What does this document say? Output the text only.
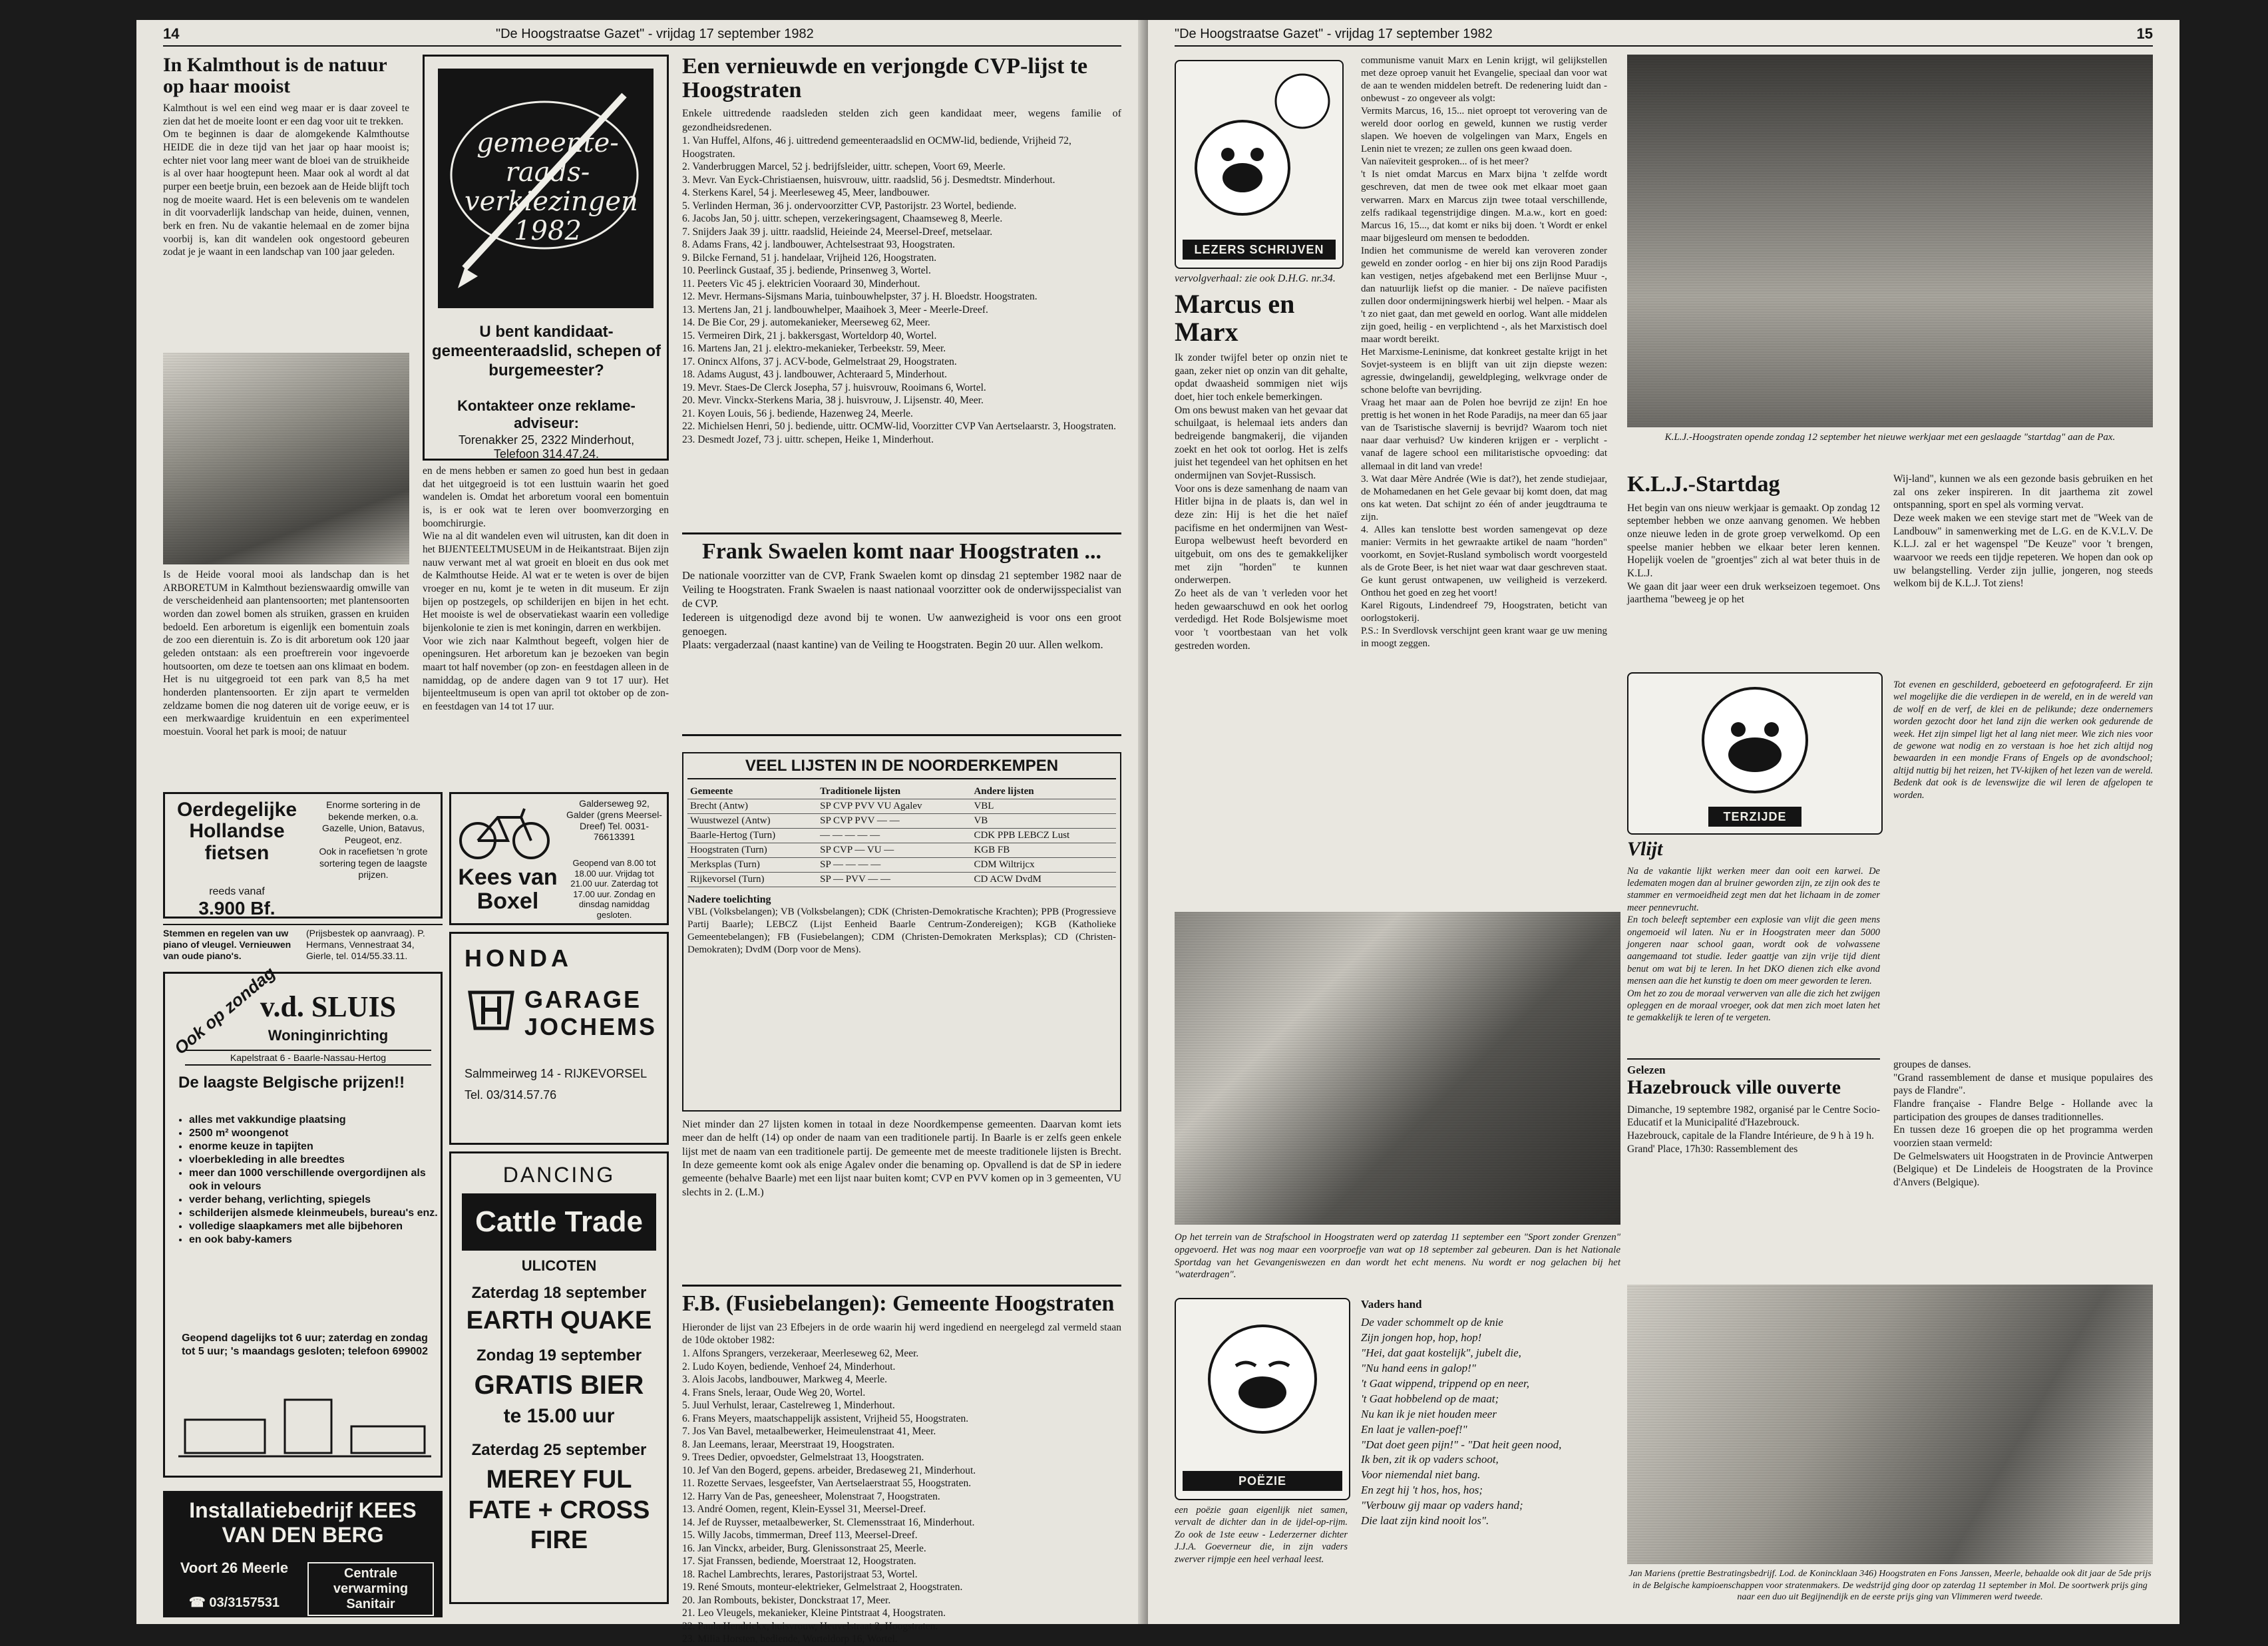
14	"De Hoogstraatse Gazet" - vrijdag 17 september 1982
In Kalmthout is de natuur op haar mooist
Kalmthout is wel een eind weg maar er is daar zoveel te zien dat het de moeite loont er een dag voor uit te trekken.
Om te beginnen is daar de alomgekende Kalmthoutse HEIDE die in deze tijd van het jaar op haar mooist is; echter niet voor lang meer want de bloei van de struikheide is al over haar hoogtepunt heen. Maar ook al wordt al dat purper een beetje bruin, een bezoek aan de Heide blijft toch nog de moeite waard. Het is een belevenis om te wandelen in dit voorvaderlijk landschap van heide, duinen, vennen, berk en fren. Nu de vakantie helemaal en de zomer bijna voorbij is, kan dit wandelen ook ongestoord gebeuren zodat je je waant in een landschap van 100 jaar geleden.
Is de Heide vooral mooi als landschap dan is het ARBORETUM in Kalmthout bezienswaardig omwille van de verscheidenheid aan plantensoorten; met plantensoorten worden dan zowel bomen als struiken, grassen en kruiden bedoeld. Een arboretum is eigenlijk een bomentuin zoals de zoo een dierentuin is. Zo is dit arboretum ook 120 jaar geleden ontstaan: als een proeftrerein voor ingevoerde houtsoorten, om deze te toetsen aan ons klimaat en bodem. Het is nu uitgegroeid tot een park van 8,5 ha met honderden plantensoorten. Er zijn apart te vermelden zeldzame bomen die nog dateren uit de vorige eeuw, er is een merkwaardige kruidentuin en een experimenteel moestuin. Vooral het park is mooi; de natuur
gemeente-raads-verkiezingen 1982
U bent kandidaat-gemeenteraadslid, schepen of burgemeester?
Kontakteer onze reklame-adviseur:
Torenakker 25, 2322 Minderhout, Telefoon 314.47.24.
en de mens hebben er samen zo goed hun best in gedaan dat het uitgegroeid is tot een lusttuin waarin het goed wandelen is. Omdat het arboretum vooral een bomentuin is, is er ook wat te leren over boomverzorging en boomchirurgie.
Wie na al dit wandelen even wil uitrusten, kan dit doen in het BIJENTEELTMUSEUM in de Heikantstraat. Bijen zijn nauw verwant met al wat groeit en bloeit en dus ook met de Kalmthoutse Heide. Al wat er te weten is over de bijen vroeger en nu, komt je te weten in dit museum. Er zijn bijen op postzegels, op schilderijen en bijen in het echt. Het mooiste is wel de observatiekast waarin een volledige bijenkolonie te zien is met koningin, darren en werkbijen.
Voor wie zich naar Kalmthout begeeft, volgen hier de openingsuren. Het arboretum kan je bezoeken van begin maart tot half november (op zon- en feestdagen alleen in de namiddag, op de andere dagen van 9 tot 17 uur). Het bijenteeltmuseum is open van april tot oktober op de zon- en feestdagen van 14 tot 17 uur.
Een vernieuwde en verjongde CVP-lijst te Hoogstraten
Enkele uittredende raadsleden stelden zich geen kandidaat meer, wegens familie of gezondheidsredenen.
1. Van Huffel, Alfons, 46 j. uittredend gemeenteraadslid en OCMW-lid, bediende, Vrijheid 72, Hoogstraten.
2. Vanderbruggen Marcel, 52 j. bedrijfsleider, uittr. schepen, Voort 69, Meerle.
3. Mevr. Van Eyck-Christiaensen, huisvrouw, uittr. raadslid, 56 j. Desmedtstr. Minderhout.
4. Sterkens Karel, 54 j. Meerleseweg 45, Meer, landbouwer.
5. Verlinden Herman, 36 j. ondervoorzitter CVP, Pastorijstr. 23 Wortel, bediende.
6. Jacobs Jan, 50 j. uittr. schepen, verzekeringsagent, Chaamseweg 8, Meerle.
7. Snijders Jaak 39 j. uittr. raadslid, Heieinde 24, Meersel-Dreef, metselaar.
8. Adams Frans, 42 j. landbouwer, Achtelsestraat 93, Hoogstraten.
9. Bilcke Fernand, 51 j. handelaar, Vrijheid 126, Hoogstraten.
10. Peerlinck Gustaaf, 35 j. bediende, Prinsenweg 3, Wortel.
11. Peeters Vic 45 j. elektricien Vooraard 30, Minderhout.
12. Mevr. Hermans-Sijsmans Maria, tuinbouwhelpster, 37 j. H. Bloedstr. Hoogstraten.
13. Mertens Jan, 21 j. landbouwhelper, Maaihoek 3, Meer - Meerle-Dreef.
14. De Bie Cor, 29 j. automekanieker, Meerseweg 62, Meer.
15. Vermeiren Dirk, 21 j. bakkersgast, Worteldorp 40, Wortel.
16. Martens Jan, 21 j. elektro-mekanieker, Terbeekstr. 59, Meer.
17. Onincx Alfons, 37 j. ACV-bode, Gelmelstraat 29, Hoogstraten.
18. Adams August, 43 j. landbouwer, Achteraard 5, Minderhout.
19. Mevr. Staes-De Clerck Josepha, 57 j. huisvrouw, Rooimans 6, Wortel.
20. Mevr. Vinckx-Sterkens Maria, 38 j. huisvrouw, J. Lijsenstr. 40, Meer.
21. Koyen Louis, 56 j. bediende, Hazenweg 24, Meerle.
22. Michielsen Henri, 50 j. bediende, uittr. OCMW-lid, Voorzitter CVP Van Aertselaarstr. 3, Hoogstraten.
23. Desmedt Jozef, 73 j. uittr. schepen, Heike 1, Minderhout.
Frank Swaelen komt naar Hoogstraten ...
De nationale voorzitter van de CVP, Frank Swaelen komt op dinsdag 21 september 1982 naar de Veiling te Hoogstraten. Frank Swaelen is naast nationaal voorzitter ook de onderwijsspecialist van de CVP.
Iedereen is uitgenodigd deze avond bij te wonen. Uw aanwezigheid is voor ons een groot genoegen.
Plaats: vergaderzaal (naast kantine) van de Veiling te Hoogstraten. Begin 20 uur. Allen welkom.
VEEL LIJSTEN IN DE NOORDERKEMPEN
Gemeente	Traditionele lijsten	Andere lijsten
Brecht (Antw)	SP CVP PVV VU Agalev	VBL
Wuustwezel (Antw)	SP CVP PVV — —	VB
Baarle-Hertog (Turn)	— — — — —	CDK PPB LEBCZ Lust
Hoogstraten (Turn)	SP CVP — VU —	KGB FB
Merksplas (Turn)	SP — — — —	CDM Wiltrijcx
Rijkevorsel (Turn)	SP — PVV — —	CD ACW DvdM
Nadere toelichting
VBL (Volksbelangen); VB (Volksbelangen); CDK (Christen-Demokratische Krachten); PPB (Progressieve Partij Baarle); LEBCZ (Lijst Eenheid Baarle Centrum-Zondereigen); KGB (Katholieke Gemeentebelangen); FB (Fusiebelangen); CDM (Christen-Demokraten Merksplas); CD (Christen-Demokraten); DvdM (Dorp voor de Mens).
Niet minder dan 27 lijsten komen in totaal in deze Noordkempense gemeenten. Daarvan komt iets meer dan de helft (14) op onder de naam van een traditionele partij. In Baarle is er zelfs geen enkele lijst met de naam van een traditionele partij. De gemeente met de meeste traditionele lijsten is Brecht. In deze gemeente komt ook als enige Agalev onder die benaming op. Opvallend is dat de SP in iedere gemeente (behalve Baarle) met een lijst naar buiten komt; CVP en PVV komen op in 3 gemeenten, VU slechts in 2. (L.M.)
F.B. (Fusiebelangen): Gemeente Hoogstraten
Hieronder de lijst van 23 Efbejers in de orde waarin hij werd ingediend en neergelegd zal vermeld staan de 10de oktober 1982:
1. Alfons Sprangers, verzekeraar, Meerleseweg 62, Meer.
2. Ludo Koyen, bediende, Venhoef 24, Minderhout.
3. Alois Jacobs, landbouwer, Markweg 4, Meerle.
4. Frans Snels, leraar, Oude Weg 20, Wortel.
5. Juul Verhulst, leraar, Castelreweg 1, Minderhout.
6. Frans Meyers, maatschappelijk assistent, Vrijheid 55, Hoogstraten.
7. Jos Van Bavel, metaalbewerker, Heimeulenstraat 41, Meer.
8. Jan Leemans, leraar, Meerstraat 19, Hoogstraten.
9. Trees Dedier, opvoedster, Gelmelstraat 13, Hoogstraten.
10. Jef Van den Bogerd, gepens. arbeider, Bredaseweg 21, Minderhout.
11. Rozette Servaes, lesgeefster, Van Aertselaerstraat 55, Hoogstraten.
12. Harry Van de Pas, geneesheer, Molenstraat 7, Hoogstraten.
13. André Oomen, regent, Klein-Eyssel 31, Meersel-Dreef.
14. Jef de Ruysser, metaalbewerker, St. Clemensstraat 16, Minderhout.
15. Willy Jacobs, timmerman, Dreef 113, Meersel-Dreef.
16. Jan Vinckx, arbeider, Burg. Glenissonstraat 25, Meerle.
17. Sjat Franssen, bediende, Moerstraat 12, Hoogstraten.
18. Rachel Lambrechts, lerares, Pastorijstraat 53, Wortel.
19. René Smouts, monteur-elektrieker, Gelmelstraat 2, Hoogstraten.
20. Jan Rombouts, bekister, Donckstraat 17, Meer.
21. Leo Vleugels, mekanieker, Kleine Pintstraat 4, Hoogstraten.
22. Paula Hendrickx, huisvrouw, Heuvelstraat 2, Hoogstraten.
23. Milia Horsten, bediende, Worteldorp 16, Wortel.
Oerdegelijke Hollandse fietsen
reeds vanaf
3.900 Bf.
Enorme sortering in de bekende merken, o.a. Gazelle, Union, Batavus, Peugeot, enz.
Ook in racefietsen 'n grote sortering tegen de laagste prijzen.	Kees van Boxel
Galderseweg 92, Galder (grens Meersel-Dreef) Tel. 0031-76613391
Geopend van 8.00 tot 18.00 uur. Vrijdag tot 21.00 uur. Zaterdag tot 17.00 uur. Zondag en dinsdag namiddag gesloten.
Stemmen en regelen van uw piano of vleugel. Vernieuwen van oude piano's.
(Prijsbestek op aanvraag). P. Hermans, Vennestraat 34, Gierle, tel. 014/55.33.11.
Ook op zondag
v.d. SLUIS
Woninginrichting
Kapelstraat 6 - Baarle-Nassau-Hertog
De laagste Belgische prijzen!!
• alles met vakkundige plaatsing
• 2500 m² woongenot
• enorme keuze in tapijten
• vloerbekleding in alle breedtes
• meer dan 1000 verschillende overgordijnen als ook in velours
• verder behang, verlichting, spiegels
• schilderijen alsmede kleinmeubels, bureau's enz.
• volledige slaapkamers met alle bijbehoren
• en ook baby-kamers
Geopend dagelijks tot 6 uur; zaterdag en zondag tot 5 uur; 's maandags gesloten; telefoon 699002
HONDA
GARAGE JOCHEMS
Salmmeirweg 14 - RIJKEVORSEL
Tel. 03/314.57.76
DANCING
Cattle Trade
ULICOTEN
Zaterdag 18 september
EARTH QUAKE
Zondag 19 september
GRATIS BIER
te 15.00 uur
Zaterdag 25 september
MEREY FUL FATE + CROSS FIRE
Installatiebedrijf KEES VAN DEN BERG
Voort 26 Meerle
☎ 03/3157531
Centrale verwarming Sanitair
15
"De Hoogstraatse Gazet" - vrijdag 17 september 1982
LEZERS SCHRIJVEN
vervolgverhaal: zie ook D.H.G. nr.34.
Marcus en Marx
Ik zonder twijfel beter op onzin niet te gaan, zeker niet op onzin van dit gehalte, opdat dwaasheid sommigen niet wijs doet, hier toch enkele bemerkingen.
Om ons bewust maken van het gevaar dat schuilgaat, is helemaal iets anders dan bedreigende bangmakerij, die vijanden zoekt en het ook tot oorlog. Het is zelfs juist het tegendeel van het ophitsen en het ondermijnen van Sovjet-Russisch.
Voor ons is deze samenhang de naam van Hitler bijna in de plaats is, dan wel in deze zin: Hij is het die het naïef pacifisme en het ondermijnen van West-Europa welbewust heeft bevorderd en uitgebuit, om ons des te gemakkelijker met zijn "horden" te kunnen onderwerpen.
Zo heet als de van 't verleden voor het heden gewaarschuwd en ook het oorlog verdedigd. Het Rode Bolsjewisme moet voor 't voortbestaan van het volk gestreden worden.
communisme vanuit Marx en Lenin krijgt, wil gelijkstellen met deze oproep vanuit het Evangelie, speciaal dan voor wat de aan te wenden middelen betreft. De redenering luidt dan - onbewust - zo ongeveer als volgt:
Vermits Marcus, 16, 15... niet oproept tot verovering van de wereld door oorlog en geweld, kunnen we rustig verder slapen. We hoeven de volgelingen van Marx, Engels en Lenin niet te vrezen; ze zullen ons geen kwaad doen.
Van naïeviteit gesproken... of is het meer?
't Is niet omdat Marcus en Marx bijna 't zelfde wordt geschreven, dat men de twee ook met elkaar moet gaan verwarren. Marx en Marcus zijn twee totaal verschillende, zelfs radikaal tegenstrijdige dingen. M.a.w., kort en goed: Marcus 16, 15..., dat komt er niks bij doen. 't Wordt er enkel maar bijgesleurd om mensen te bedodden.
Indien het communisme de wereld kan veroveren zonder geweld en zonder oorlog - en hier bij ons zijn Rood Paradijs kan vestigen, netjes afgebakend met een Berlijnse Muur -, dan natuurlijk liefst op die manier. - De naïeve pacifisten zullen door ondermijningswerk hierbij wel helpen. - Maar als 't zo niet gaat, dan met geweld en oorlog. Want alle middelen zijn goed, heilig - en verplichtend -, als het Marxistisch doel maar wordt bereikt.
Het Marxisme-Leninisme, dat konkreet gestalte krijgt in het Sovjet-systeem is en blijft van uit zijn diepste wezen: agressie, dwingelandij, geweldpleging, welkvrage onder de schone belofte van bevrijding.
Vraag het maar aan de Polen hoe bevrijd ze zijn! En hoe prettig is het wonen in het Rode Paradijs, na meer dan 65 jaar van de Tsaristische slavernij is bevrijd? Waarom toch niet naar daar verhuisd? Uw kinderen krijgen er - verplicht - vanaf de lagere school een militaristische opvoeding: dat allemaal in dit land van vrede!
3. Wat daar Mère Andrée (Wie is dat?), het zende studiejaar, de Mohamedanen en het Gele gevaar bij komt doen, dat mag ons kat weten. Dat schijnt zo één of ander jeugdtrauma te zijn.
4. Alles kan tenslotte best worden samengevat op deze manier: Vermits in het gewraakte artikel de naam "horden" voorkomt, en Sovjet-Rusland symbolisch wordt voorgesteld als de Grote Beer, is het niet waar wat daar geschreven staat. Ge kunt gerust ontwapenen, uw veiligheid is verzekerd. Onthou het goed en zeg het voort!
Karel Rigouts, Lindendreef 79, Hoogstraten, beticht van oorlogstokerij.
P.S.: In Sverdlovsk verschijnt geen krant waar ge uw mening in moogt zeggen.
Op het terrein van de Strafschool in Hoogstraten werd op zaterdag 11 september een "Sport zonder Grenzen" opgevoerd. Het was nog maar een voorproefje van wat op 18 september zal gebeuren. Dan is het Nationale Sportdag van het Gevangeniswezen en dan wordt het echt menens. Nu wordt er nog gelachen bij het "waterdragen".
POËZIE
een poëzie gaan eigenlijk niet samen, vervalt de dichter dan in de ijdel-op-rijm. Zo ook de 1ste eeuw - Lederzerner dichter J.J.A. Goeverneur die, in zijn vaders zwerver rijmpje een heel verhaal leest.
Vaders hand
De vader schommelt op de knie
Zijn jongen hop, hop, hop!
"Hei, dat gaat kostelijk", jubelt die,
"Nu hand eens in galop!"
't Gaat wippend, trippend op en neer,
't Gaat hobbelend op de maat;
Nu kan ik je niet houden meer
En laat je vallen-poef!"
"Dat doet geen pijn!" - "Dat heit geen nood,
Ik ben, zit ik op vaders schoot,
Voor niemendal niet bang.
En zegt hij 't hos, hos, hos;
"Verbouw gij maar op vaders hand;
Die laat zijn kind nooit los".
K.L.J.-Hoogstraten opende zondag 12 september het nieuwe werkjaar met een geslaagde "startdag" aan de Pax.
K.L.J.-Startdag
Het begin van ons nieuw werkjaar is gemaakt. Op zondag 12 september hebben we onze aanvang genomen. We hebben onze nieuwe leden in de grote groep verwelkomd. Op een speelse manier hebben we elkaar beter leren kennen. Hopelijk voelen de "groentjes" zich al wat beter thuis in de K.L.J.
We gaan dit jaar weer een druk werkseizoen tegemoet. Ons jaarthema "beweeg je op het
Wij-land", kunnen we als een gezonde basis gebruiken en het zal ons zeker inspireren. In dit jaarthema zit zowel ontspanning, sport en spel als vorming vervat.
Deze week maken we een stevige start met de "Week van de Landbouw" in samenwerking met de L.G. en de K.V.L.V. De K.L.J. zal er het wagenspel "De Keuze" voor 't brengen, waarvoor we reeds een tijdje repeteren. We hopen dan ook op uw belangstelling. Verder zijn jullie, jongeren, nog steeds welkom bij de K.L.J. Tot ziens!
TERZIJDE
Vlijt
Na de vakantie lijkt werken meer dan ooit een karwei. De ledematen mogen dan al bruiner geworden zijn, ze zijn ook des te stammer en vermoeidheid zegt men dat het lichaam in de zomer meer pennevrucht.
En toch beleeft september een explosie van vlijt die geen mens ongemoeid wil laten. Nu er in Hoogstraten meer dan 5000 jongeren naar school gaan, wordt ook de volwassene aangemaand tot studie. Ieder gaattje van zijn vrije tijd dient benut om wat bij te leren. In het DKO dienen zich elke avond mensen aan die het kunstig te doen om meer geworden te leren.
Om het zo zou de moraal verwerven van alle die zich het zwijgen opleggen en de moraal vroeger, ook dat men zich moet laten het te gemakkelijk te leren of te vergeten.
Tot evenen en geschilderd, geboeteerd en gefotografeerd. Er zijn wel mogelijke die die verdiepen in de wereld, en in de wereld van de wolf en de verf, de klei en de pelikunde; deze ondernemers worden gezocht door het land zijn die werken ook gedurende de week. Het zijn simpel ligt het al lang niet meer. Wie zich nies voor de gewone wat nodig en zo verstaan is hoe het zich altijd nog bewaarden in een mondje Frans of Engels op de avondschool; altijd nuttig bij het reizen, het TV-kijken of het lezen van de wereld. Bedenk dat ook is de levenswijze die wil leren de afgelopen te worden.
Gelezen
Hazebrouck ville ouverte
Dimanche, 19 septembre 1982, organisé par le Centre Socio-Educatif et la Municipalité d'Hazebrouck.
Hazebrouck, capitale de la Flandre Intérieure, de 9 h à 19 h.
Grand' Place, 17h30: Rassemblement des
groupes de danses.
"Grand rassemblement de danse et musique populaires des pays de Flandre".
Flandre française - Flandre Belge - Hollande avec la participation des groupes de danses traditionnelles.
En tussen deze 16 groepen die op het programma werden voorzien staan vermeld:
De Gelmelswaters uit Hoogstraten in de Provincie Antwerpen (Belgique) et De Lindeleis de Hoogstraten de la Province d'Anvers (Belgique).
Jan Mariens (prettie Bestratingsbedrijf. Lod. de Konincklaan 346) Hoogstraten en Fons Janssen, Meerle, behaalde ook dit jaar de 5de prijs in de Belgische kampioenschappen voor stratenmakers. De wedstrijd ging door op zaterdag 11 september in Mol. De soortwerk prijs ging naar een duo uit Begijnendijk en de eerste prijs ging van Vlimmeren werd tweede.
